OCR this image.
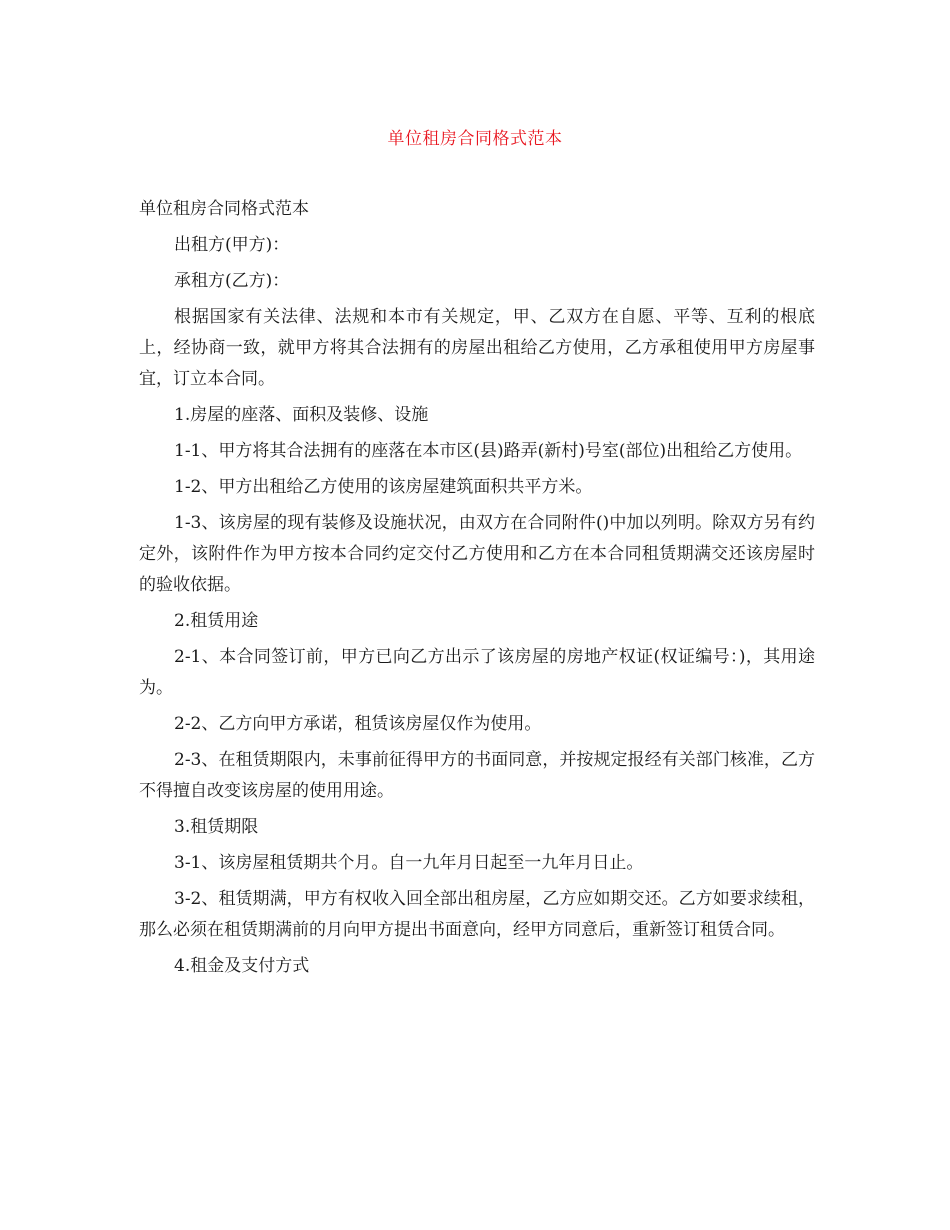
单位租房合同格式范本

单位租房合同格式范本

出租方(甲方)：

承租方(乙方)：

根据国家有关法律、法规和本市有关规定，甲、乙双方在自愿、平等、互利的根底上，经协商一致，就甲方将其合法拥有的房屋出租给乙方使用，乙方承租使用甲方房屋事宜，订立本合同。

1.房屋的座落、面积及装修、设施

1-1、甲方将其合法拥有的座落在本市区(县)路弄(新村)号室(部位)出租给乙方使用。

1-2、甲方出租给乙方使用的该房屋建筑面积共平方米。

1-3、该房屋的现有装修及设施状况，由双方在合同附件()中加以列明。除双方另有约定外，该附件作为甲方按本合同约定交付乙方使用和乙方在本合同租赁期满交还该房屋时的验收依据。

2.租赁用途

2-1、本合同签订前，甲方已向乙方出示了该房屋的房地产权证(权证编号：)，其用途为。

2-2、乙方向甲方承诺，租赁该房屋仅作为使用。

2-3、在租赁期限内，未事前征得甲方的书面同意，并按规定报经有关部门核准，乙方不得擅自改变该房屋的使用用途。

3.租赁期限

3-1、该房屋租赁期共个月。自一九年月日起至一九年月日止。

3-2、租赁期满，甲方有权收入回全部出租房屋，乙方应如期交还。乙方如要求续租，那么必须在租赁期满前的月向甲方提出书面意向，经甲方同意后，重新签订租赁合同。

4.租金及支付方式
